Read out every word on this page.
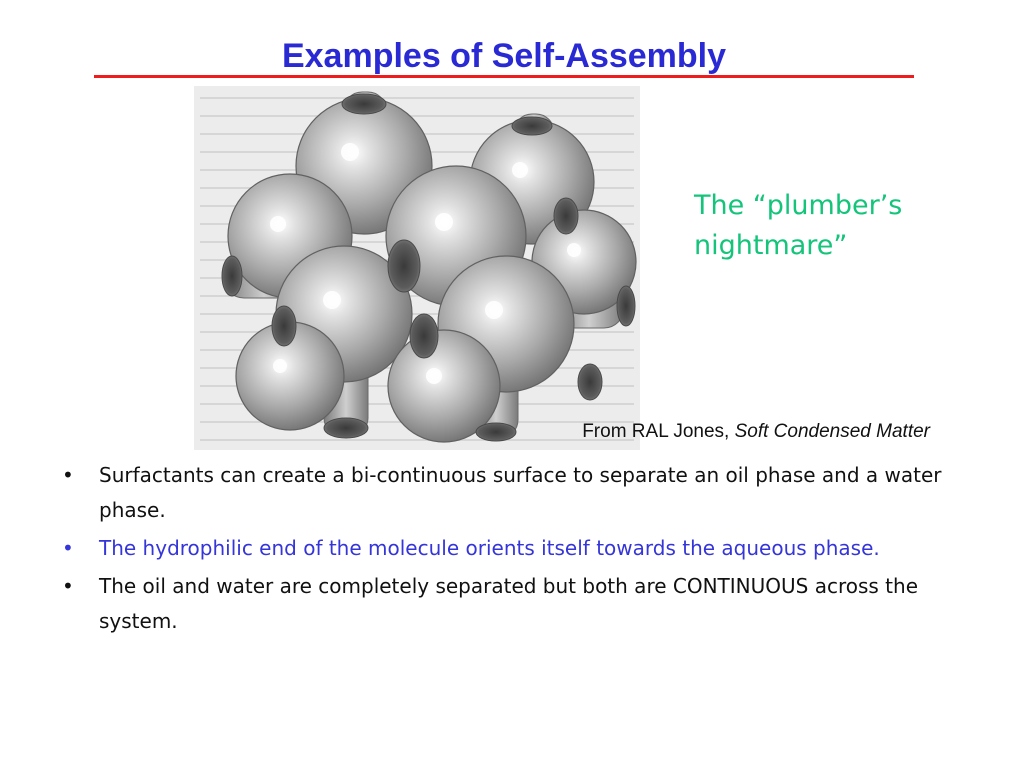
Examples of Self-Assembly
The “plumber’s
nightmare”
From RAL Jones, Soft Condensed Matter
• Surfactants can create a bi-continuous surface to separate an oil phase and a water phase.
• The hydrophilic end of the molecule orients itself towards the aqueous phase.
• The oil and water are completely separated but both are CONTINUOUS across the system.
